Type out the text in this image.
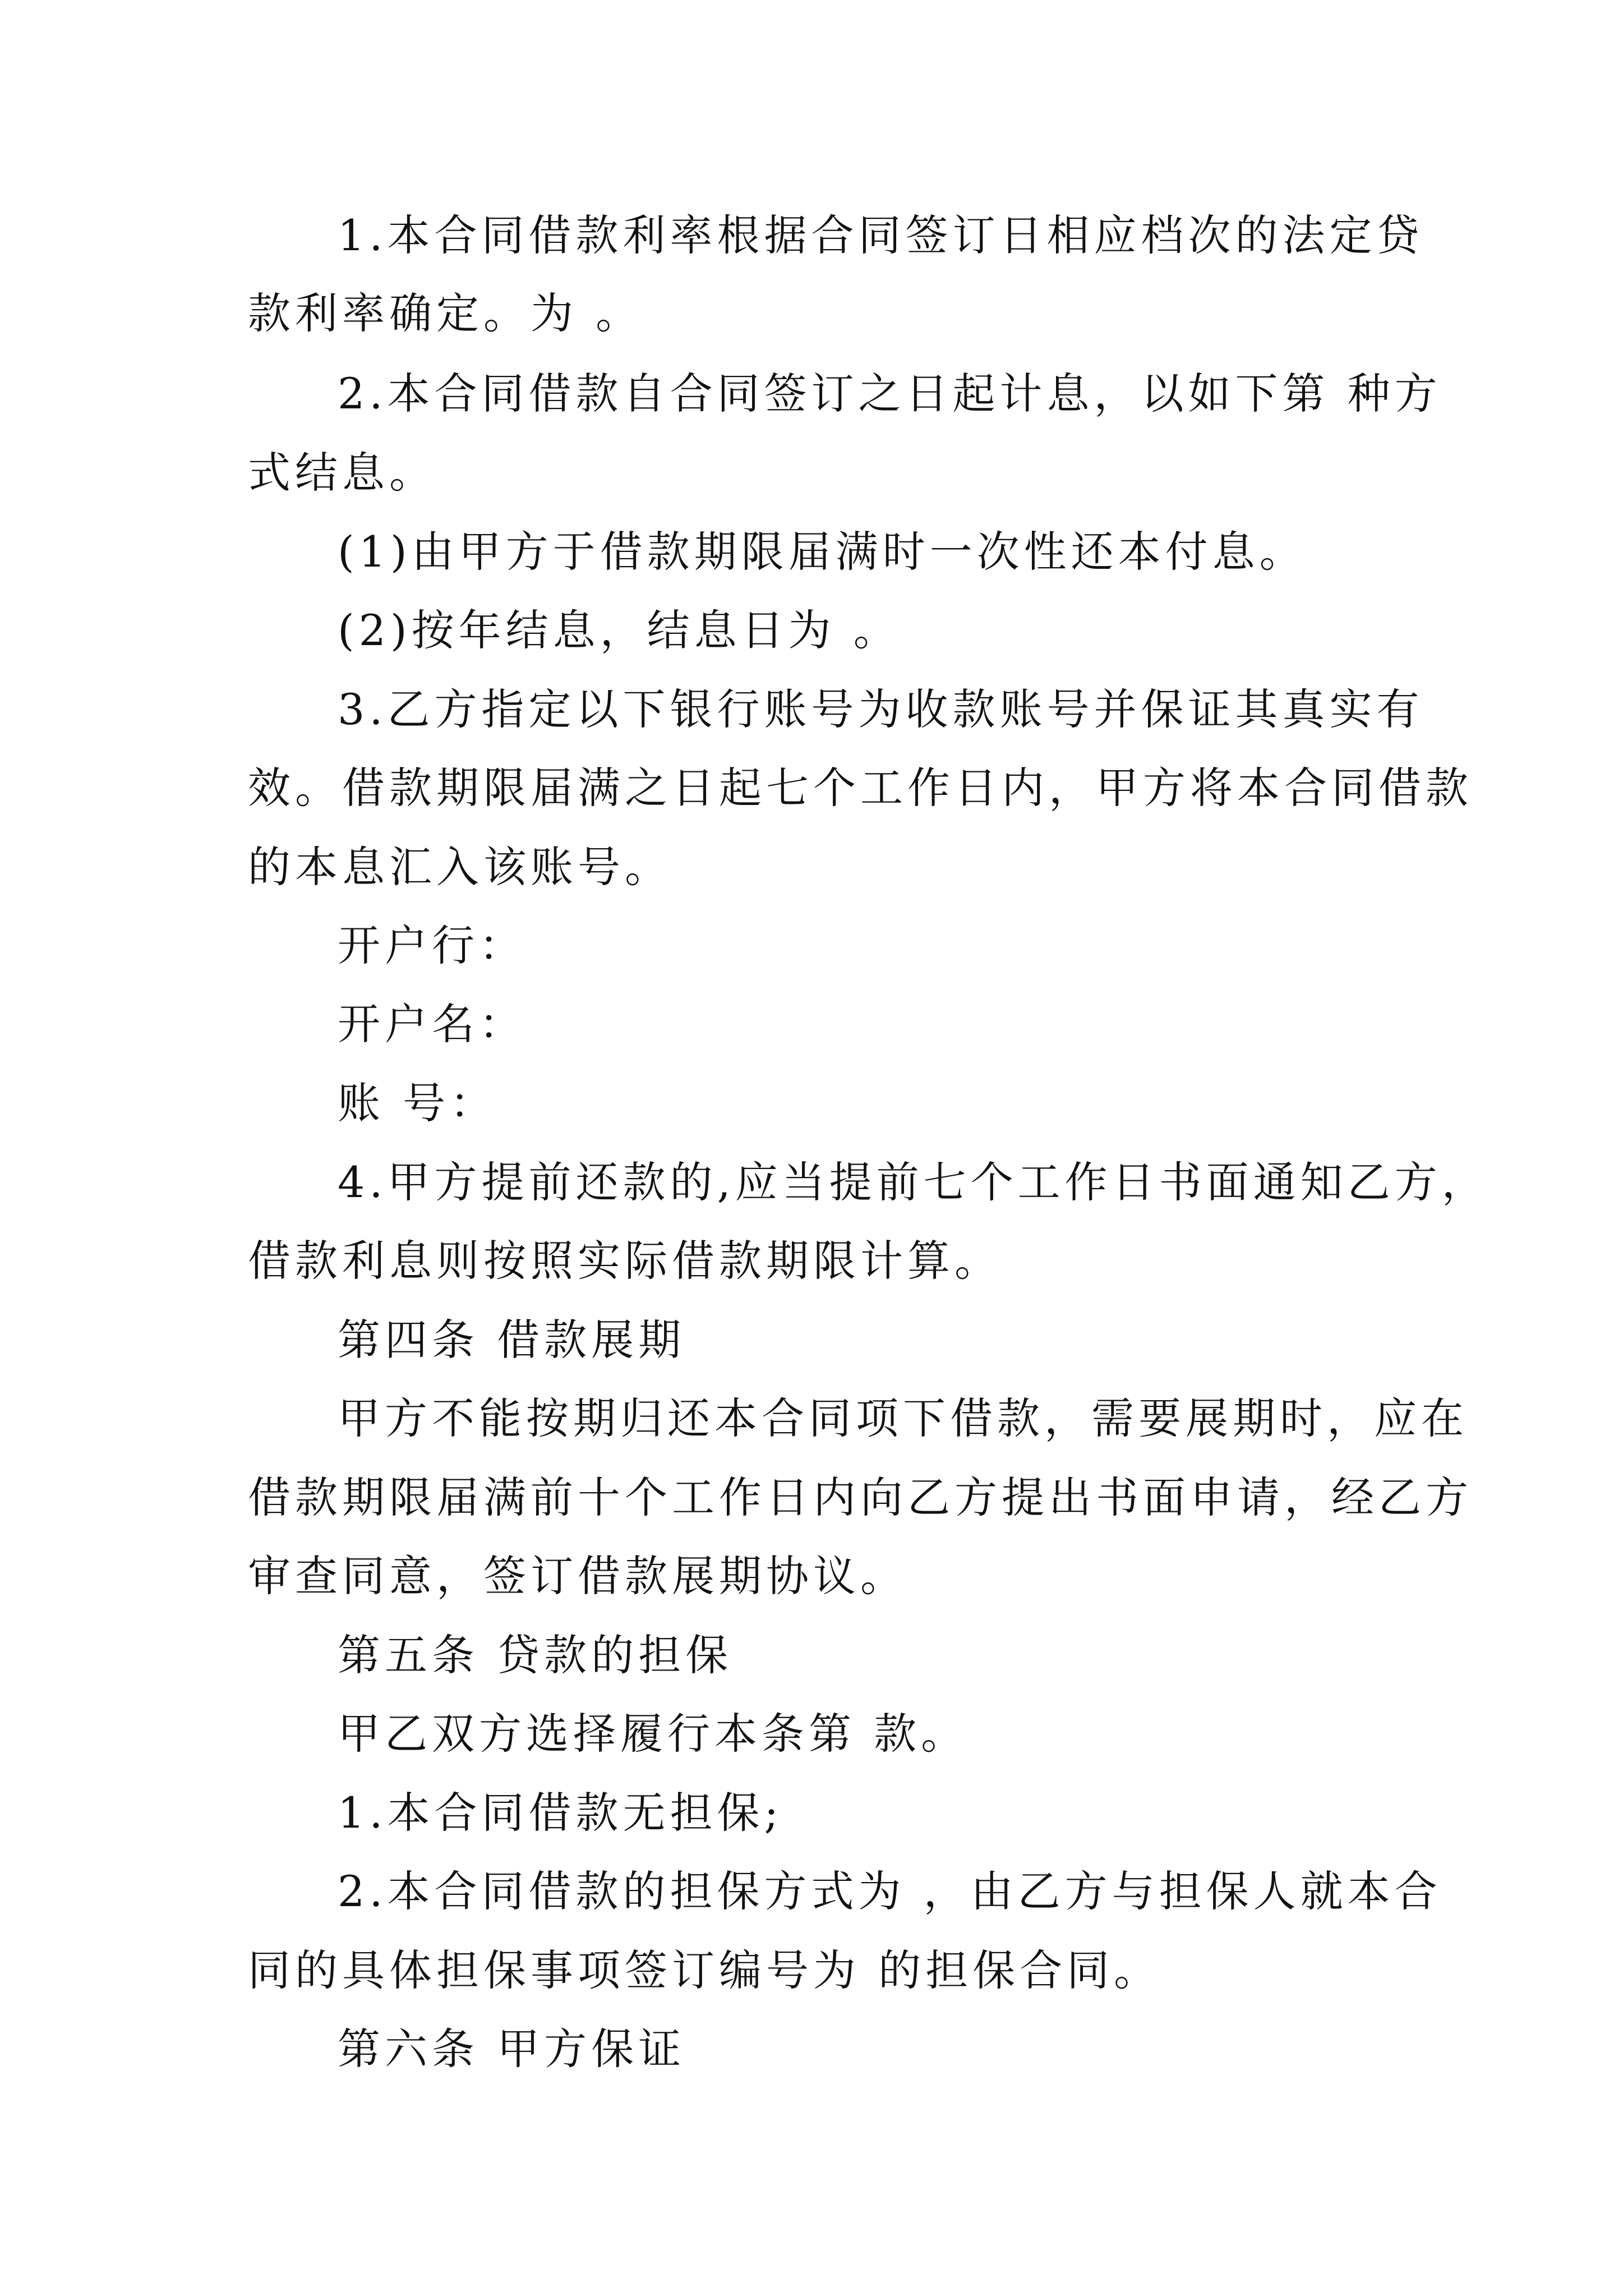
1.本合同借款利率根据合同签订日相应档次的法定贷
款利率确定。为 。
2.本合同借款自合同签订之日起计息，以如下第 种方
式结息。
(1)由甲方于借款期限届满时一次性还本付息。
(2)按年结息，结息日为 。
3.乙方指定以下银行账号为收款账号并保证其真实有
效。借款期限届满之日起七个工作日内，甲方将本合同借款
的本息汇入该账号。
开户行：
开户名：
账 号：
4.甲方提前还款的,应当提前七个工作日书面通知乙方，
借款利息则按照实际借款期限计算。
第四条 借款展期
甲方不能按期归还本合同项下借款，需要展期时，应在
借款期限届满前十个工作日内向乙方提出书面申请，经乙方
审查同意，签订借款展期协议。
第五条 贷款的担保
甲乙双方选择履行本条第 款。
1.本合同借款无担保;
2.本合同借款的担保方式为 ，由乙方与担保人就本合
同的具体担保事项签订编号为 的担保合同。
第六条 甲方保证
